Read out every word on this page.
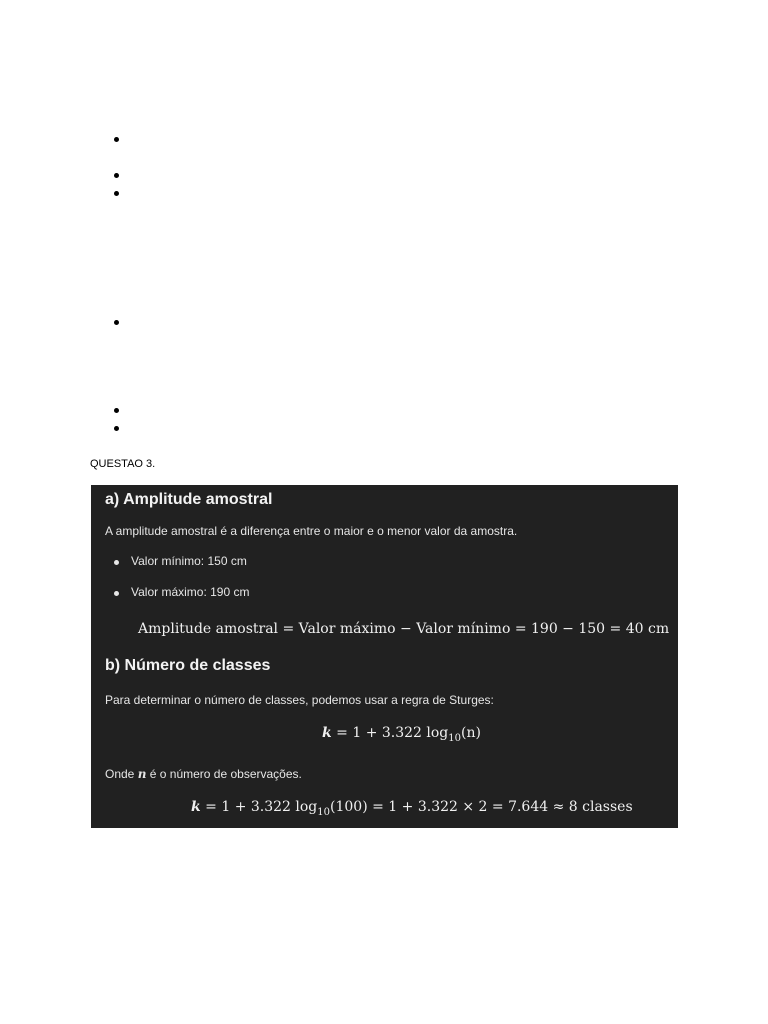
QUESTAO 3.
a) Amplitude amostral
A amplitude amostral é a diferença entre o maior e o menor valor da amostra.
Valor mínimo: 150 cm
Valor máximo: 190 cm
Amplitude amostral = Valor máximo − Valor mínimo = 190 − 150 = 40 cm
b) Número de classes
Para determinar o número de classes, podemos usar a regra de Sturges:
k = 1 + 3.322 $\log_{10}(n)$
Onde n é o número de observações.
k = 1 + 3.322 $\log_{10}(100) = 1 + 3.322 \times 2 = 7.644 \approx 8$ classes
